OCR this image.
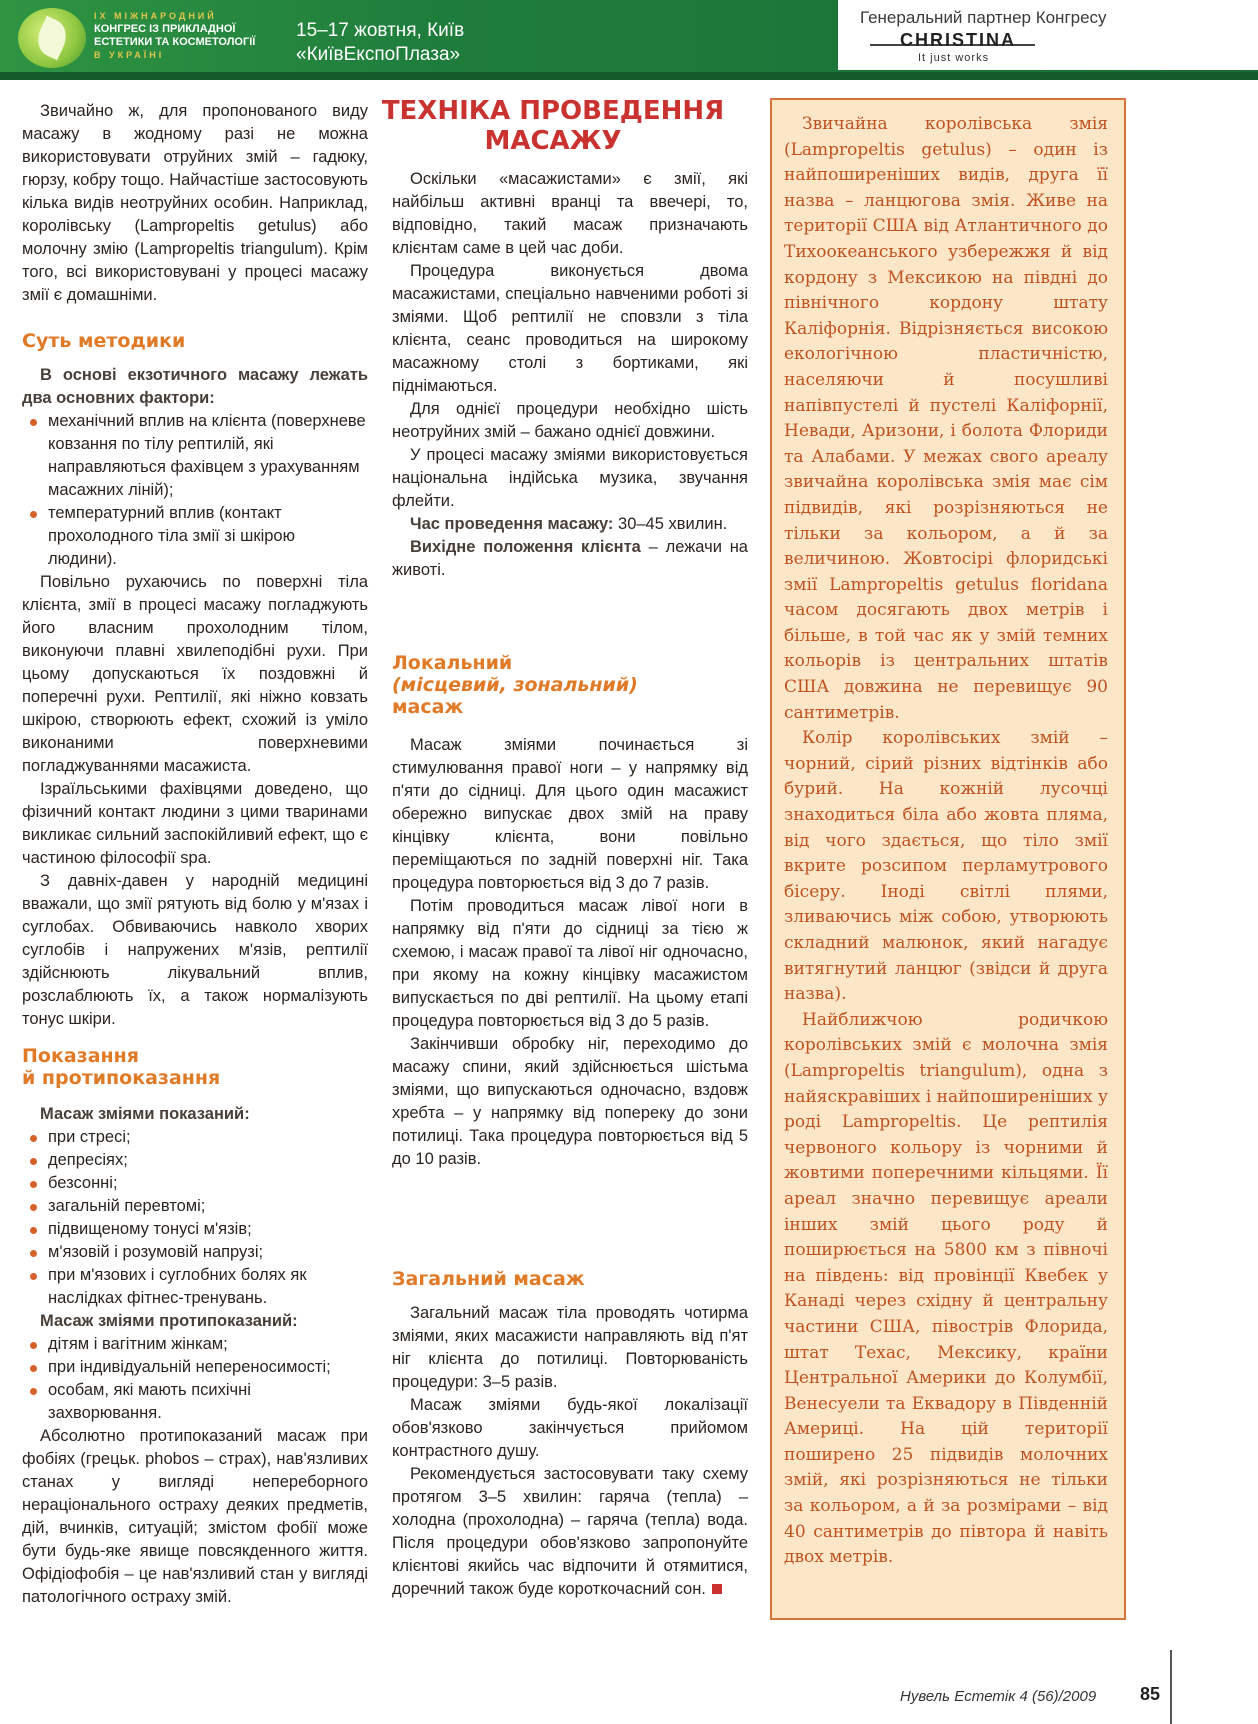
IX МІЖНАРОДНИЙ
КОНГРЕС ІЗ ПРИКЛАДНОЇ
ЕСТЕТИКИ ТА КОСМЕТОЛОГІЇ
В УКРАЇНІ
15–17 жовтня, Київ
«КиївЕкспоПлаза»
Генеральний партнер Конгресу
CHRISTINA
It just works

Звичайно ж, для пропонованого виду масажу в жодному разі не можна використовувати отруйних змій – гадюку, гюрзу, кобру тощо. Найчастіше застосовують кілька видів неотруйних особин. Наприклад, королівську (Lampropeltis getulus) або молочну змію (Lampropeltis triangulum). Крім того, всі використовувані у процесі масажу змії є домашніми.

Суть методики

В основі екзотичного масажу лежать два основних фактори:

механічний вплив на клієнта (поверхневе ковзання по тілу рептилій, які направляються фахівцем з урахуванням масажних ліній);

температурний вплив (контакт прохолодного тіла змії зі шкірою людини).

Повільно рухаючись по поверхні тіла клієнта, змії в процесі масажу погладжують його власним прохолодним тілом, виконуючи плавні хвилеподібні рухи. При цьому допускаються їх поздовжні й поперечні рухи. Рептилії, які ніжно ковзать шкірою, створюють ефект, схожий із уміло виконаними поверхневими погладжуваннями масажиста.

Ізраїльськими фахівцями доведено, що фізичний контакт людини з цими тваринами викликає сильний заспокійливий ефект, що є частиною філософії spa.

З давніх-давен у народній медицині вважали, що змії рятують від болю у м'язах і суглобах. Обвиваючись навколо хворих суглобів і напружених м'язів, рептилії здійснюють лікувальний вплив, розслаблюють їх, а також нормалізують тонус шкіри.

Показання
й протипоказання

Масаж зміями показаний:

при стресі;

депресіях;

безсонні;

загальній перевтомі;

підвищеному тонусі м'язів;

м'язовій і розумовій напрузі;

при м'язових і суглобних болях як наслідках фітнес-тренувань.

Масаж зміями протипоказаний:

дітям і вагітним жінкам;

при індивідуальній непереносимості;

особам, які мають психічні захворювання.

Абсолютно протипоказаний масаж при фобіях (грецьк. phobos – страх), нав'язливих станах у вигляді непереборного нераціонального остраху деяких предметів, дій, вчинків, ситуацій; змістом фобії може бути будь-яке явище повсякденного життя. Офідіофобія – це нав'язливий стан у вигляді патологічного остраху змій.

ТЕХНІКА ПРОВЕДЕННЯ
МАСАЖУ

Оскільки «масажистами» є змії, які найбільш активні вранці та ввечері, то, відповідно, такий масаж призначають клієнтам саме в цей час доби.

Процедура виконується двома масажистами, спеціально навченими роботі зі зміями. Щоб рептилії не сповзли з тіла клієнта, сеанс проводиться на широкому масажному столі з бортиками, які піднімаються.

Для однієї процедури необхідно шість неотруйних змій – бажано однієї довжини.

У процесі масажу зміями використовується національна індійська музика, звучання флейти.

Час проведення масажу: 30–45 хвилин.

Вихідне положення клієнта – лежачи на животі.

Локальний
(місцевий, зональний)
масаж

Масаж зміями починається зі стимулювання правої ноги – у напрямку від п'яти до сідниці. Для цього один масажист обережно випускає двох змій на праву кінцівку клієнта, вони повільно переміщаються по задній поверхні ніг. Така процедура повторюється від 3 до 7 разів.

Потім проводиться масаж лівої ноги в напрямку від п'яти до сідниці за тією ж схемою, і масаж правої та лівої ніг одночасно, при якому на кожну кінцівку масажистом випускається по дві рептилії. На цьому етапі процедура повторюється від 3 до 5 разів.

Закінчивши обробку ніг, переходимо до масажу спини, який здійснюється шістьма зміями, що випускаються одночасно, вздовж хребта – у напрямку від попереку до зони потилиці. Така процедура повторюється від 5 до 10 разів.

Загальний масаж

Загальний масаж тіла проводять чотирма зміями, яких масажисти направляють від п'ят ніг клієнта до потилиці. Повторюваність процедури: 3–5 разів.

Масаж зміями будь-якої локалізації обов'язково закінчується прийомом контрастного душу.

Рекомендується застосовувати таку схему протягом 3–5 хвилин: гаряча (тепла) – холодна (прохолодна) – гаряча (тепла) вода. Після процедури обов'язково запропонуйте клієнтові якийсь час відпочити й отямитися, доречний також буде короткочасний сон.

Звичайна королівська змія (Lampropeltis getulus) – один із найпоширеніших видів, друга її назва – ланцюгова змія. Живе на території США від Атлантичного до Тихоокеанського узбережжя й від кордону з Мексикою на півдні до північного кордону штату Каліфорнія. Відрізняється високою екологічною пластичністю, населяючи й посушливі напівпустелі й пустелі Каліфорнії, Невади, Аризони, і болота Флориди та Алабами. У межах свого ареалу звичайна королівська змія має сім підвидів, які розрізняються не тільки за кольором, а й за величиною. Жовтосірі флоридські змії Lampropeltis getulus floridana часом досягають двох метрів і більше, в той час як у змій темних кольорів із центральних штатів США довжина не перевищує 90 сантиметрів.

Колір королівських змій – чорний, сірий різних відтінків або бурий. На кожній лусочці знаходиться біла або жовта пляма, від чого здається, що тіло змії вкрите розсипом перламутрового бісеру. Іноді світлі плями, зливаючись між собою, утворюють складний малюнок, який нагадує витягнутий ланцюг (звідси й друга назва).

Найближчою родичкою королівських змій є молочна змія (Lampropeltis triangulum), одна з найяскравіших і найпоширеніших у роді Lampropeltis. Це рептилія червоного кольору із чорними й жовтими поперечними кільцями. Її ареал значно перевищує ареали інших змій цього роду й поширюється на 5800 км з півночі на південь: від провінції Квебек у Канаді через східну й центральну частини США, півострів Флорида, штат Техас, Мексику, країни Центральної Америки до Колумбії, Венесуели та Еквадору в Південній Америці. На цій території поширено 25 підвидів молочних змій, які розрізняються не тільки за кольором, а й за розмірами – від 40 сантиметрів до півтора й навіть двох метрів.

Нувель Естетік 4 (56)/2009 85
